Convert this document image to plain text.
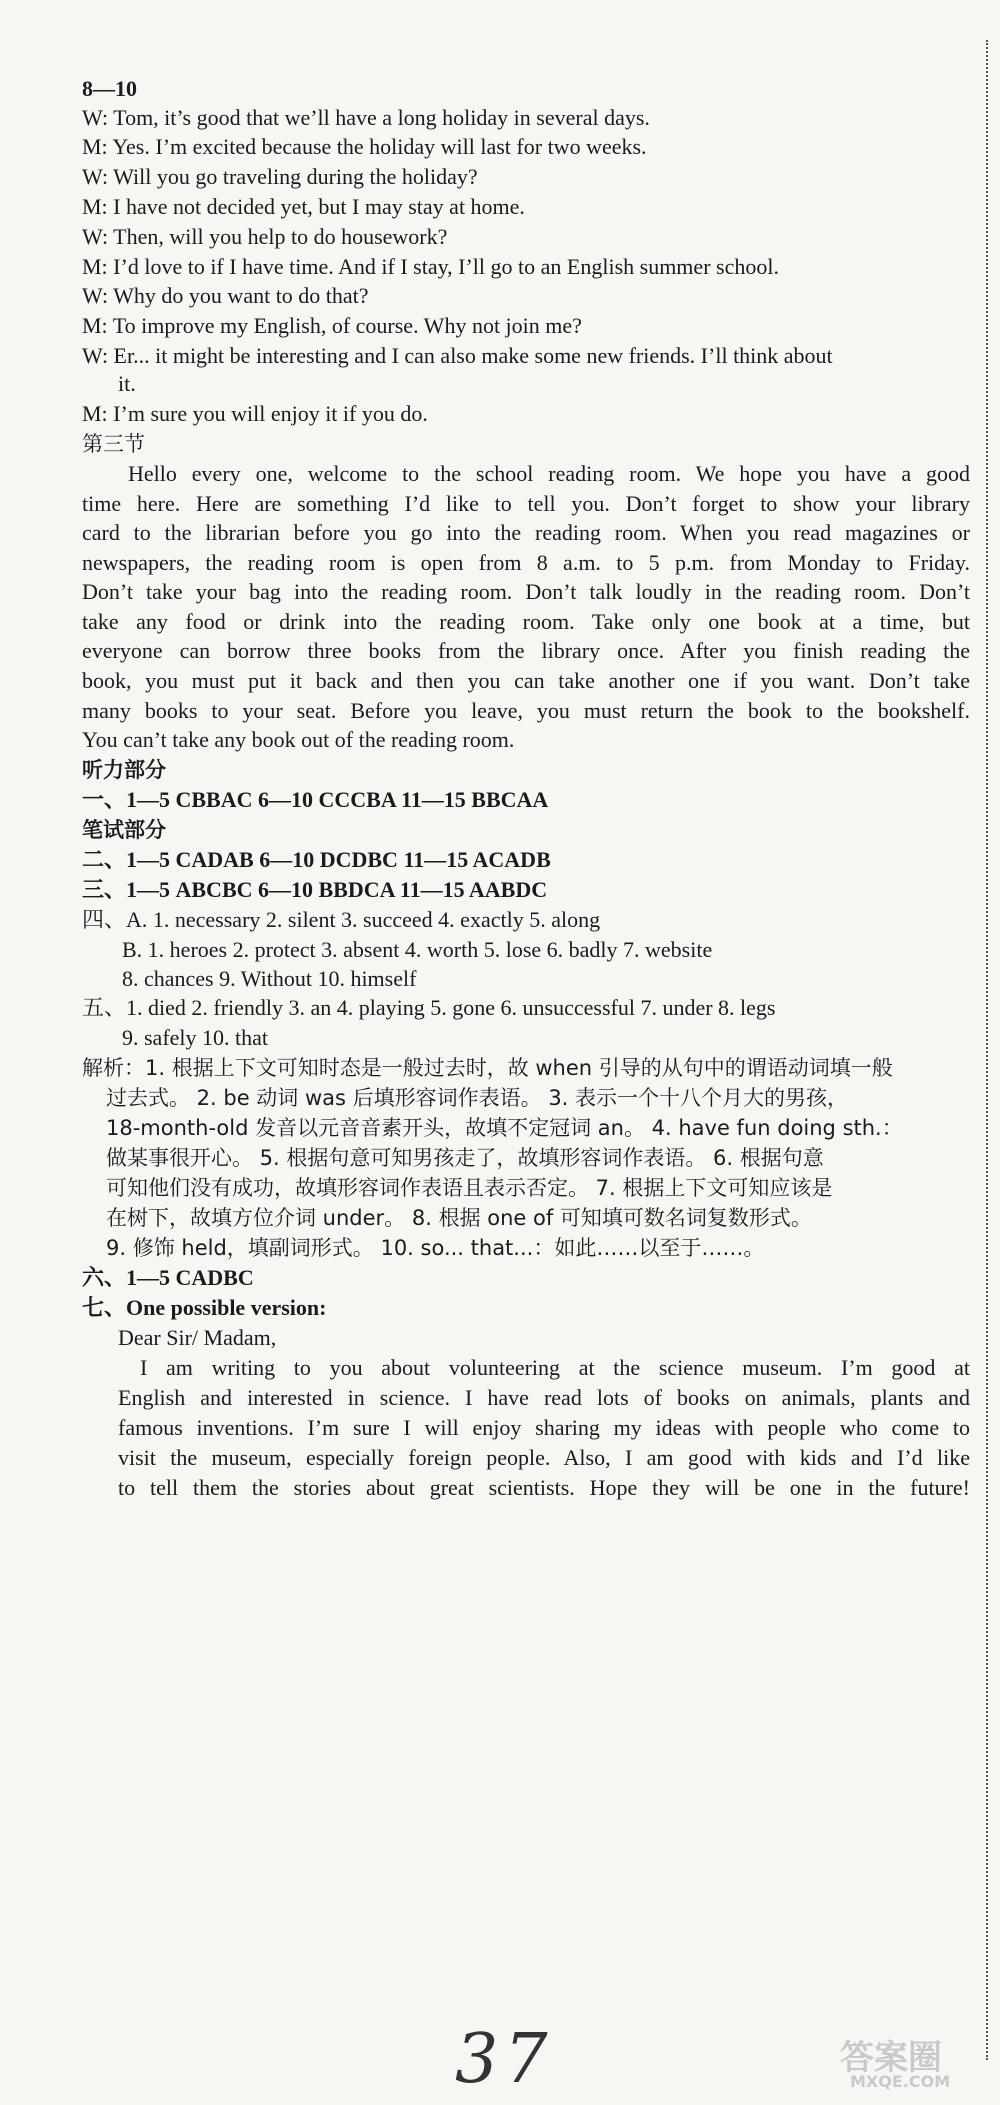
8—10
W: Tom, it’s good that we’ll have a long holiday in several days.
M: Yes. I’m excited because the holiday will last for two weeks.
W: Will you go traveling during the holiday?
M: I have not decided yet, but I may stay at home.
W: Then, will you help to do housework?
M: I’d love to if I have time. And if I stay, I’ll go to an English summer school.
W: Why do you want to do that?
M: To improve my English, of course. Why not join me?
W: Er... it might be interesting and I can also make some new friends. I’ll think about
it.
M: I’m sure you will enjoy it if you do.
第三节
Hello every one, welcome to the school reading room. We hope you have a good
time here. Here are something I’d like to tell you. Don’t forget to show your library
card to the librarian before you go into the reading room. When you read magazines or
newspapers, the reading room is open from 8 a.m. to 5 p.m. from Monday to Friday.
Don’t take your bag into the reading room. Don’t talk loudly in the reading room. Don’t
take any food or drink into the reading room. Take only one book at a time, but
everyone can borrow three books from the library once. After you finish reading the
book, you must put it back and then you can take another one if you want. Don’t take
many books to your seat. Before you leave, you must return the book to the bookshelf.
You can’t take any book out of the reading room.
听力部分
一、1—5 CBBAC 6—10 CCCBA 11—15 BBCAA
笔试部分
二、1—5 CADAB 6—10 DCDBC 11—15 ACADB
三、1—5 ABCBC 6—10 BBDCA 11—15 AABDC
四、A. 1. necessary 2. silent 3. succeed 4. exactly 5. along
B. 1. heroes 2. protect 3. absent 4. worth 5. lose 6. badly 7. website
8. chances 9. Without 10. himself
五、1. died 2. friendly 3. an 4. playing 5. gone 6. unsuccessful 7. under 8. legs
9. safely 10. that
解析：1. 根据上下文可知时态是一般过去时，故 when 引导的从句中的谓语动词填一般
过去式。 2. be 动词 was 后填形容词作表语。 3. 表示一个十八个月大的男孩，
18-month-old 发音以元音音素开头，故填不定冠词 an。 4. have fun doing sth.：
做某事很开心。 5. 根据句意可知男孩走了，故填形容词作表语。 6. 根据句意
可知他们没有成功，故填形容词作表语且表示否定。 7. 根据上下文可知应该是
在树下，故填方位介词 under。 8. 根据 one of 可知填可数名词复数形式。
9. 修饰 held，填副词形式。 10. so... that...：如此……以至于……。
六、1—5 CADBC
七、One possible version:
Dear Sir/ Madam,
I am writing to you about volunteering at the science museum. I’m good at
English and interested in science. I have read lots of books on animals, plants and
famous inventions. I’m sure I will enjoy sharing my ideas with people who come to
visit the museum, especially foreign people. Also, I am good with kids and I’d like
to tell them the stories about great scientists. Hope they will be one in the future!
37	答案圈
MXQE.COM
